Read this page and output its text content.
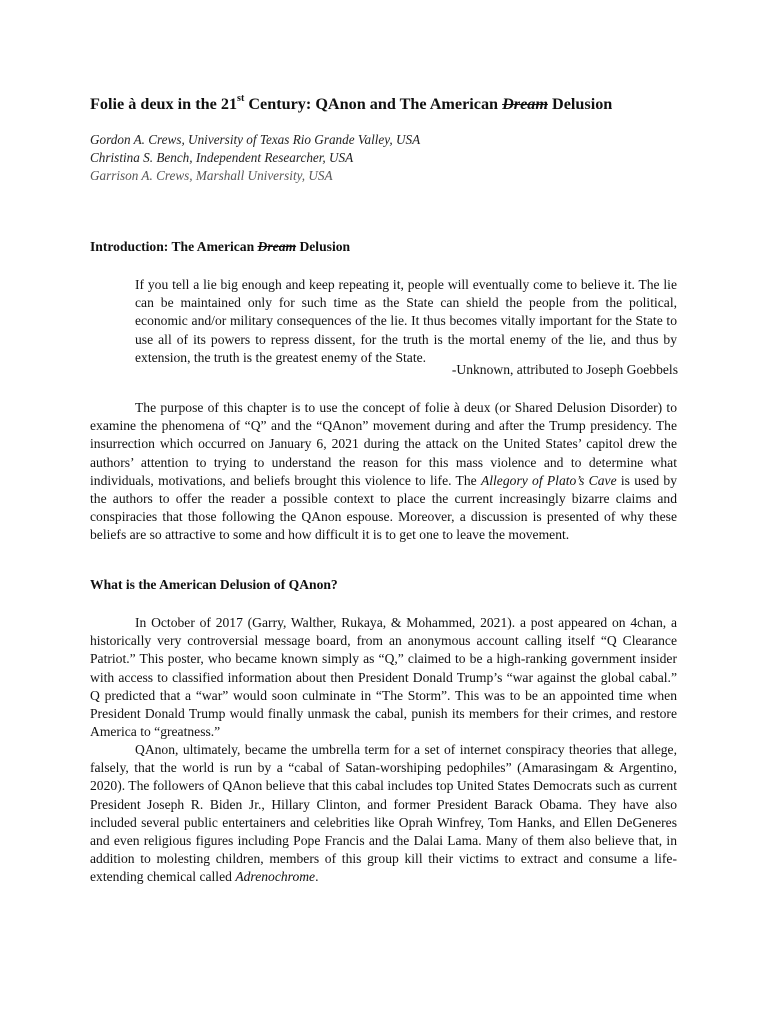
Folie à deux in the 21st Century: QAnon and The American Dream Delusion
Gordon A. Crews, University of Texas Rio Grande Valley, USA
Christina S. Bench, Independent Researcher, USA
Garrison A. Crews, Marshall University, USA
Introduction: The American Dream Delusion
If you tell a lie big enough and keep repeating it, people will eventually come to believe it. The lie can be maintained only for such time as the State can shield the people from the political, economic and/or military consequences of the lie. It thus becomes vitally important for the State to use all of its powers to repress dissent, for the truth is the mortal enemy of the lie, and thus by extension, the truth is the greatest enemy of the State.
-Unknown, attributed to Joseph Goebbels
The purpose of this chapter is to use the concept of folie à deux (or Shared Delusion Disorder) to examine the phenomena of “Q” and the “QAnon” movement during and after the Trump presidency. The insurrection which occurred on January 6, 2021 during the attack on the United States’ capitol drew the authors’ attention to trying to understand the reason for this mass violence and to determine what individuals, motivations, and beliefs brought this violence to life. The Allegory of Plato’s Cave is used by the authors to offer the reader a possible context to place the current increasingly bizarre claims and conspiracies that those following the QAnon espouse. Moreover, a discussion is presented of why these beliefs are so attractive to some and how difficult it is to get one to leave the movement.
What is the American Delusion of QAnon?
In October of 2017 (Garry, Walther, Rukaya, & Mohammed, 2021). a post appeared on 4chan, a historically very controversial message board, from an anonymous account calling itself “Q Clearance Patriot.” This poster, who became known simply as “Q,” claimed to be a high-ranking government insider with access to classified information about then President Donald Trump’s “war against the global cabal.” Q predicted that a “war” would soon culminate in “The Storm”. This was to be an appointed time when President Donald Trump would finally unmask the cabal, punish its members for their crimes, and restore America to “greatness.”
QAnon, ultimately, became the umbrella term for a set of internet conspiracy theories that allege, falsely, that the world is run by a “cabal of Satan-worshiping pedophiles” (Amarasingam & Argentino, 2020). The followers of QAnon believe that this cabal includes top United States Democrats such as current President Joseph R. Biden Jr., Hillary Clinton, and former President Barack Obama. They have also included several public entertainers and celebrities like Oprah Winfrey, Tom Hanks, and Ellen DeGeneres and even religious figures including Pope Francis and the Dalai Lama. Many of them also believe that, in addition to molesting children, members of this group kill their victims to extract and consume a life-extending chemical called Adrenochrome.
